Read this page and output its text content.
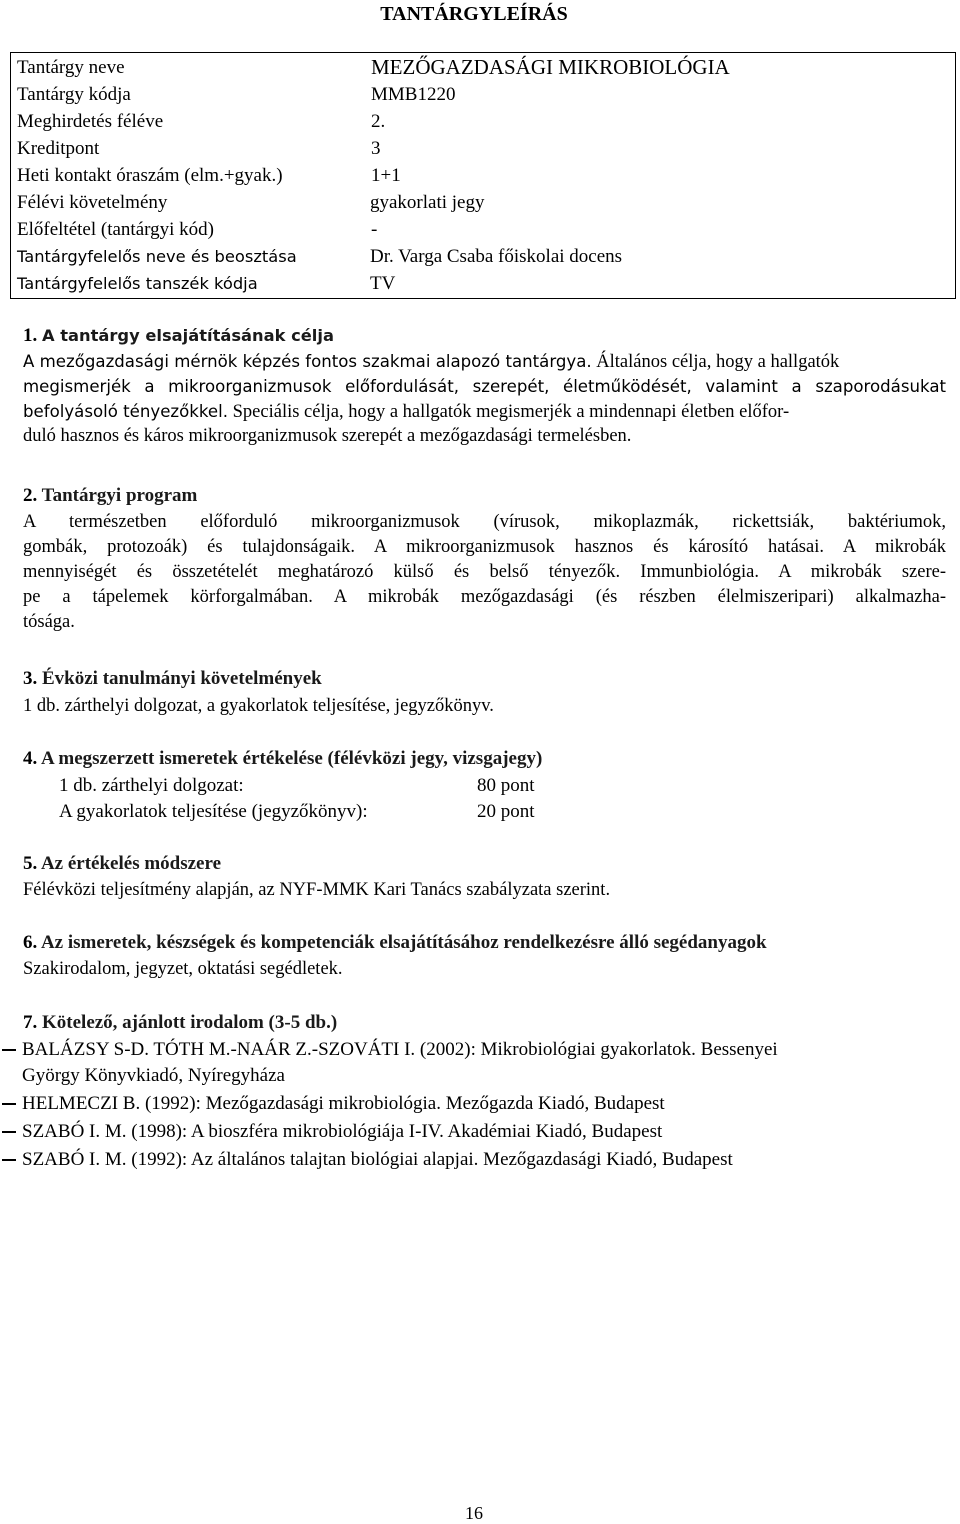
TANTÁRGYLEÍRÁS
Tantárgy neve	MEZŐGAZDASÁGI MIKROBIOLÓGIA
Tantárgy kódja	MMB1220
Meghirdetés féléve	2.
Kreditpont	3
Heti kontakt óraszám (elm.+gyak.)	1+1
Félévi követelmény	gyakorlati jegy
Előfeltétel (tantárgyi kód)	-
Tantárgyfelelős neve és beosztása	Dr. Varga Csaba főiskolai docens
Tantárgyfelelős tanszék kódja	TV
1. A tantárgy elsajátításának célja
A mezőgazdasági mérnök képzés fontos szakmai alapozó tantárgya. Általános célja, hogy a hallgatók
megismerjék a mikroorganizmusok előfordulását, szerepét, életműködését, valamint a szaporodásukat
befolyásoló tényezőkkel. Speciális célja, hogy a hallgatók megismerjék a mindennapi életben előfor-
duló hasznos és káros mikroorganizmusok szerepét a mezőgazdasági termelésben.
2. Tantárgyi program
A természetben előforduló mikroorganizmusok (vírusok, mikoplazmák, rickettsiák, baktériumok,
gombák, protozoák) és tulajdonságaik. A mikroorganizmusok hasznos és károsító hatásai. A mikrobák
mennyiségét és összetételét meghatározó külső és belső tényezők. Immunbiológia. A mikrobák szere-
pe a tápelemek körforgalmában. A mikrobák mezőgazdasági (és részben élelmiszeripari) alkalmazha-
tósága.
3. Évközi tanulmányi követelmények
1 db. zárthelyi dolgozat, a gyakorlatok teljesítése, jegyzőkönyv.
4. A megszerzett ismeretek értékelése (félévközi jegy, vizsgajegy)
1 db. zárthelyi dolgozat:	80 pont
A gyakorlatok teljesítése (jegyzőkönyv):	20 pont
5. Az értékelés módszere
Félévközi teljesítmény alapján, az NYF-MMK Kari Tanács szabályzata szerint.
6. Az ismeretek, készségek és kompetenciák elsajátításához rendelkezésre álló segédanyagok
Szakirodalom, jegyzet, oktatási segédletek.
7. Kötelező, ajánlott irodalom (3-5 db.)
BALÁZSY S-D. TÓTH M.-NAÁR Z.-SZOVÁTI I. (2002): Mikrobiológiai gyakorlatok. Bessenyei
György Könyvkiadó, Nyíregyháza
HELMECZI B. (1992): Mezőgazdasági mikrobiológia. Mezőgazda Kiadó, Budapest
SZABÓ I. M. (1998): A bioszféra mikrobiológiája I-IV. Akadémiai Kiadó, Budapest
SZABÓ I. M. (1992): Az általános talajtan biológiai alapjai. Mezőgazdasági Kiadó, Budapest
16
